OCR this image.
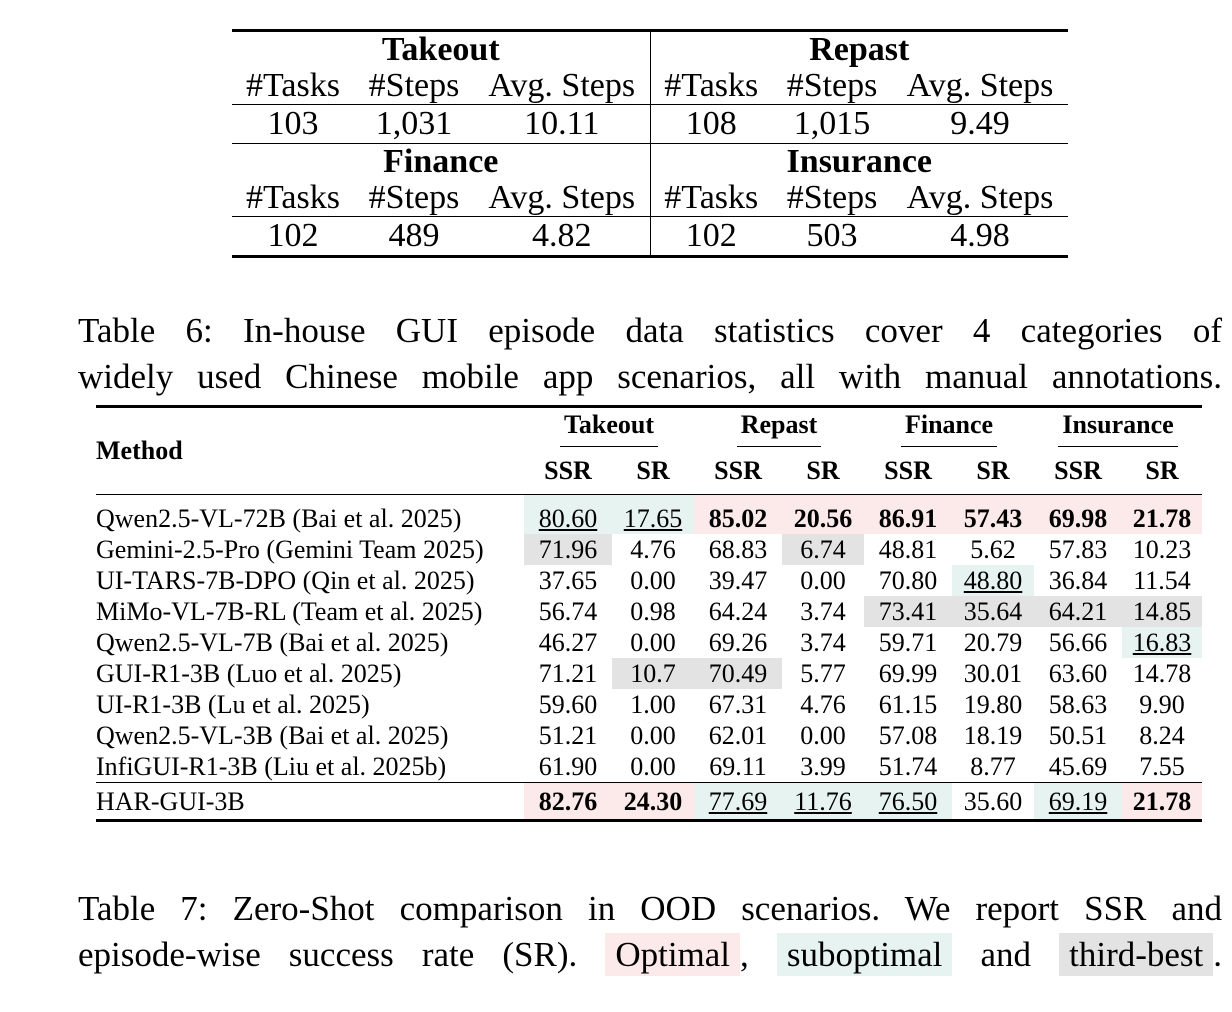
Takeout			Repast		
#Tasks	#Steps	Avg. Steps	#Tasks	#Steps	Avg. Steps
103	1,031	10.11	108	1,015	9.49
Finance			Insurance		
#Tasks	#Steps	Avg. Steps	#Tasks	#Steps	Avg. Steps
102	489	4.82	102	503	4.98
Table 6: In-house GUI episode data statistics cover 4 categories of
widely used Chinese mobile app scenarios, all with manual annotations.
Method	Takeout		Repast		Finance		Insurance	
	SSR	SR	SSR	SR	SSR	SR	SSR	SR
Qwen2.5-VL-72B (Bai et al. 2025)	80.60	17.65	85.02	20.56	86.91	57.43	69.98	21.78
Gemini-2.5-Pro (Gemini Team 2025)	71.96	4.76	68.83	6.74	48.81	5.62	57.83	10.23
UI-TARS-7B-DPO (Qin et al. 2025)	37.65	0.00	39.47	0.00	70.80	48.80	36.84	11.54
MiMo-VL-7B-RL (Team et al. 2025)	56.74	0.98	64.24	3.74	73.41	35.64	64.21	14.85
Qwen2.5-VL-7B (Bai et al. 2025)	46.27	0.00	69.26	3.74	59.71	20.79	56.66	16.83
GUI-R1-3B (Luo et al. 2025)	71.21	10.7	70.49	5.77	69.99	30.01	63.60	14.78
UI-R1-3B (Lu et al. 2025)	59.60	1.00	67.31	4.76	61.15	19.80	58.63	9.90
Qwen2.5-VL-3B (Bai et al. 2025)	51.21	0.00	62.01	0.00	57.08	18.19	50.51	8.24
InfiGUI-R1-3B (Liu et al. 2025b)	61.90	0.00	69.11	3.99	51.74	8.77	45.69	7.55
HAR-GUI-3B	82.76	24.30	77.69	11.76	76.50	35.60	69.19	21.78
Table 7: Zero-Shot comparison in OOD scenarios. We report SSR and
episode-wise success rate (SR). Optimal , suboptimal and third-best .
